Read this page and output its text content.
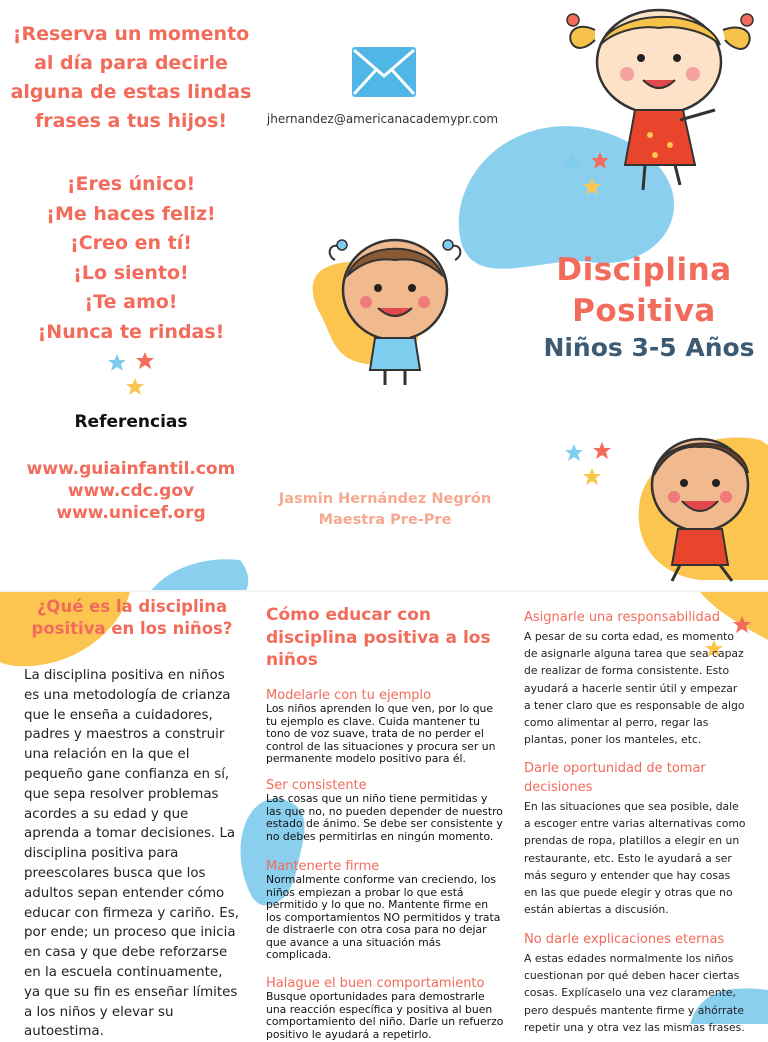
¡Reserva un momento al día para decirle alguna de estas lindas frases a tus hijos!
¡Eres único!
¡Me haces feliz!
¡Creo en tí!
¡Lo siento!
¡Te amo!
¡Nunca te rindas!
Referencias
www.guiainfantil.com
www.cdc.gov
www.unicef.org
jhernandez@americanacademypr.com
Disciplina
Positiva
Niños 3-5 Años
Jasmin Hernández Negrón
Maestra Pre-Pre
¿Qué es la disciplina positiva en los niños?
La disciplina positiva en niños es una metodología de crianza que le enseña a cuidadores, padres y maestros a construir una relación en la que el pequeño gane confianza en sí, que sepa resolver problemas acordes a su edad y que aprenda a tomar decisiones. La disciplina positiva para preescolares busca que los adultos sepan entender cómo educar con firmeza y cariño. Es, por ende; un proceso que inicia en casa y que debe reforzarse en la escuela continuamente, ya que su fin es enseñar límites a los niños y elevar su autoestima.
Cómo educar con disciplina positiva a los niños
Modelarle con tu ejemplo
Los niños aprenden lo que ven, por lo que tu ejemplo es clave. Cuida mantener tu tono de voz suave, trata de no perder el control de las situaciones y procura ser un permanente modelo positivo para él.
Ser consistente
Las cosas que un niño tiene permitidas y las que no, no pueden depender de nuestro estado de ánimo. Se debe ser consistente y no debes permitirlas en ningún momento.
Mantenerte firme
Normalmente conforme van creciendo, los niños empiezan a probar lo que está permitido y lo que no. Mantente firme en los comportamientos NO permitidos y trata de distraerle con otra cosa para no dejar que avance a una situación más complicada.
Halague el buen comportamiento
Busque oportunidades para demostrarle una reacción específica y positiva al buen comportamiento del niño. Darle un refuerzo positivo le ayudará a repetirlo.
Asignarle una responsabilidad
A pesar de su corta edad, es momento de asignarle alguna tarea que sea capaz de realizar de forma consistente. Esto ayudará a hacerle sentir útil y empezar a tener claro que es responsable de algo como alimentar al perro, regar las plantas, poner los manteles, etc.
Darle oportunidad de tomar decisiones
En las situaciones que sea posible, dale a escoger entre varias alternativas como prendas de ropa, platillos a elegir en un restaurante, etc. Esto le ayudará a ser más seguro y entender que hay cosas en las que puede elegir y otras que no están abiertas a discusión.
No darle explicaciones eternas
A estas edades normalmente los niños cuestionan por qué deben hacer ciertas cosas. Explícaselo una vez claramente, pero después mantente firme y ahórrate repetir una y otra vez las mismas frases.
